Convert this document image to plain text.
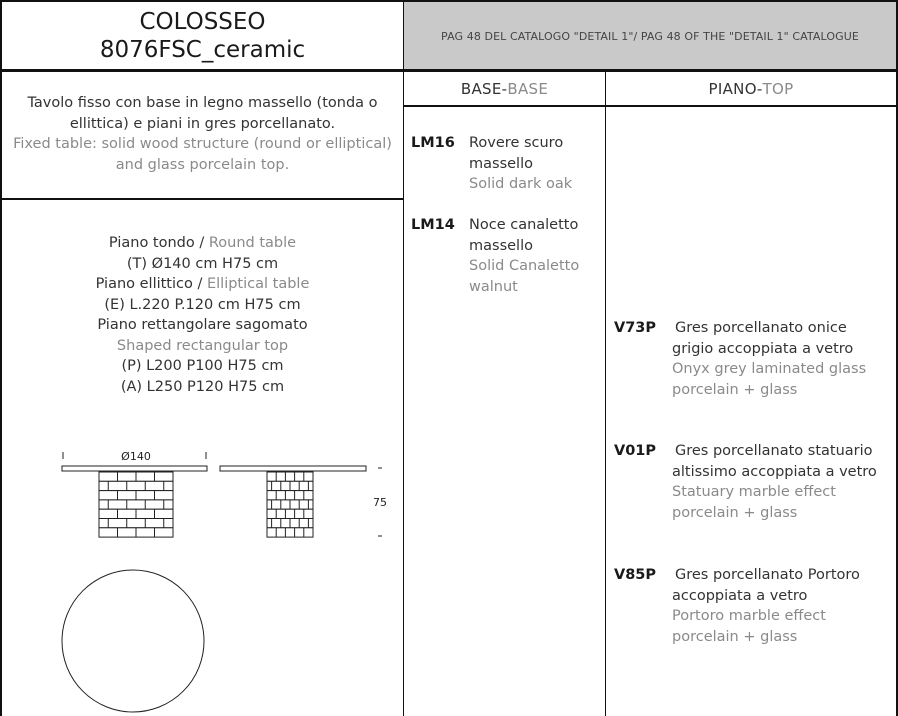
COLOSSEO
8076FSC_ceramic
PAG 48 DEL CATALOGO "DETAIL 1"/ PAG 48 OF THE "DETAIL 1" CATALOGUE
Tavolo fisso con base in legno massello (tonda o
ellittica) e piani in gres porcellanato.
Fixed table: solid wood structure (round or elliptical)
and glass porcelain top.
Piano tondo / Round table
(T) Ø140 cm H75 cm
Piano ellittico / Elliptical table
(E) L.220 P.120 cm H75 cm
Piano rettangolare sagomato
Shaped rectangular top
(P) L200 P100 H75 cm
(A) L250 P120 H75 cm
Ø140
75
BASE - BASE	PIANO - TOP
LM16 Rovere scuro
massello
Solid dark oak
LM14 Noce canaletto
massello
Solid Canaletto
walnut
V73P Gres porcellanato onice
grigio accoppiata a vetro
Onyx grey laminated glass
porcelain + glass
V01P Gres porcellanato statuario
altissimo accoppiata a vetro
Statuary marble effect
porcelain + glass
V85P Gres porcellanato Portoro
accoppiata a vetro
Portoro marble effect
porcelain + glass
